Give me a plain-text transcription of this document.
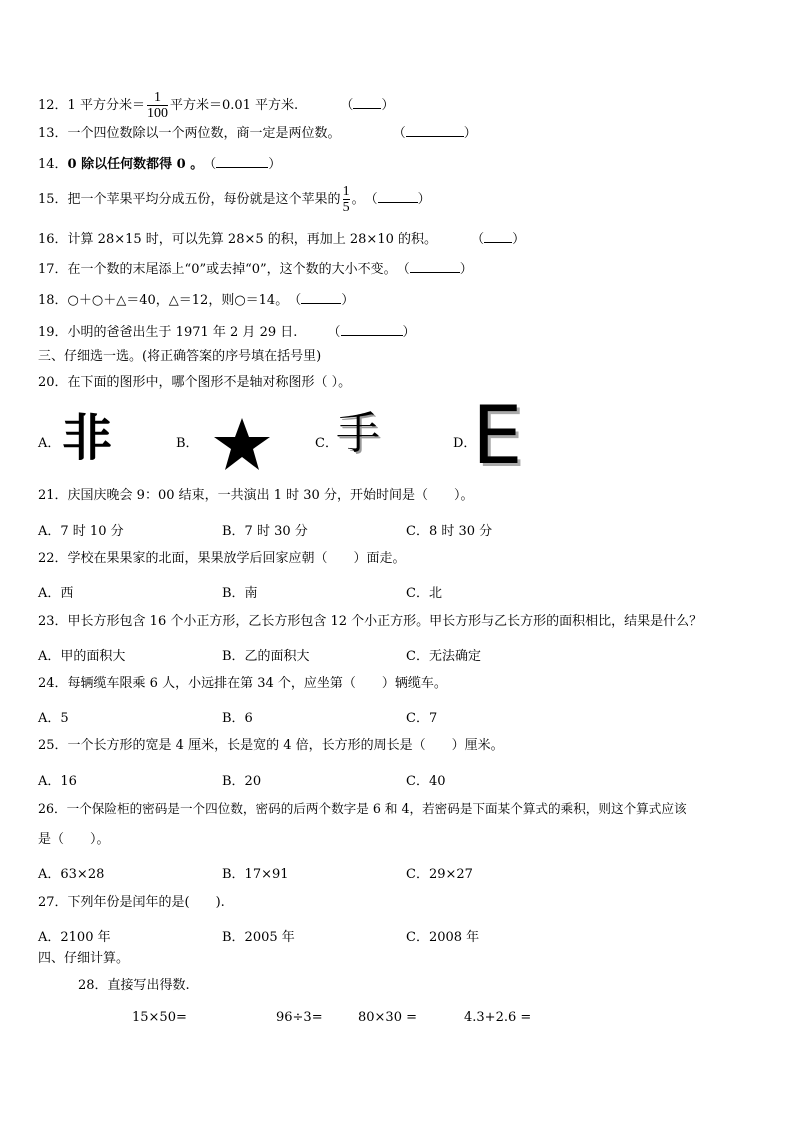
12．1 平方分米＝ $\frac{1}{100}$ 平方米＝0.01 平方米.	（ ）
13．一个四位数除以一个两位数，商一定是两位数。	（	）
14．0 除以任何数都得 0 。（	）
15．把一个苹果平均分成五份，每份就是这个苹果的 $\frac{1}{5}$ 。（	）
16．计算 28×15 时，可以先算 28×5 的积，再加上 28×10 的积。	（ ）
17．在一个数的末尾添上“0”或去掉“0”，这个数的大小不变。（	）
18．○＋○＋△＝40，△＝12，则○＝14。（	）
19．小明的爸爸出生于 1971 年 2 月 29 日. （	）
三、仔细选一选。(将正确答案的序号填在括号里)
20．在下面的图形中，哪个图形不是轴对称图形（ ）。
A． 非	B．	C．
手	D．
E
21．庆国庆晚会 9：00 结束，一共演出 1 时 30 分，开始时间是（　　）。
A．7 时 10 分	B．7 时 30 分	C．8 时 30 分
22．学校在果果家的北面，果果放学后回家应朝（　　）面走。
A．西	B．南	C．北
23．甲长方形包含 16 个小正方形，乙长方形包含 12 个小正方形。甲长方形与乙长方形的面积相比，结果是什么？
A．甲的面积大	B．乙的面积大	C．无法确定
24．每辆缆车限乘 6 人，小远排在第 34 个，应坐第（　　）辆缆车。
A．5	B．6	C．7
25．一个长方形的宽是 4 厘米，长是宽的 4 倍，长方形的周长是（　　）厘米。
A．16	B．20	C．40
26．一个保险柜的密码是一个四位数，密码的后两个数字是 6 和 4，若密码是下面某个算式的乘积，则这个算式应该
是（　　）。
A．63×28	B．17×91	C．29×27
27．下列年份是闰年的是(　　).
A．2100 年	B．2005 年	C．2008 年
四、仔细计算。
28．直接写出得数.
15×50=	96÷3=	80×30 =	4.3+2.6 =
